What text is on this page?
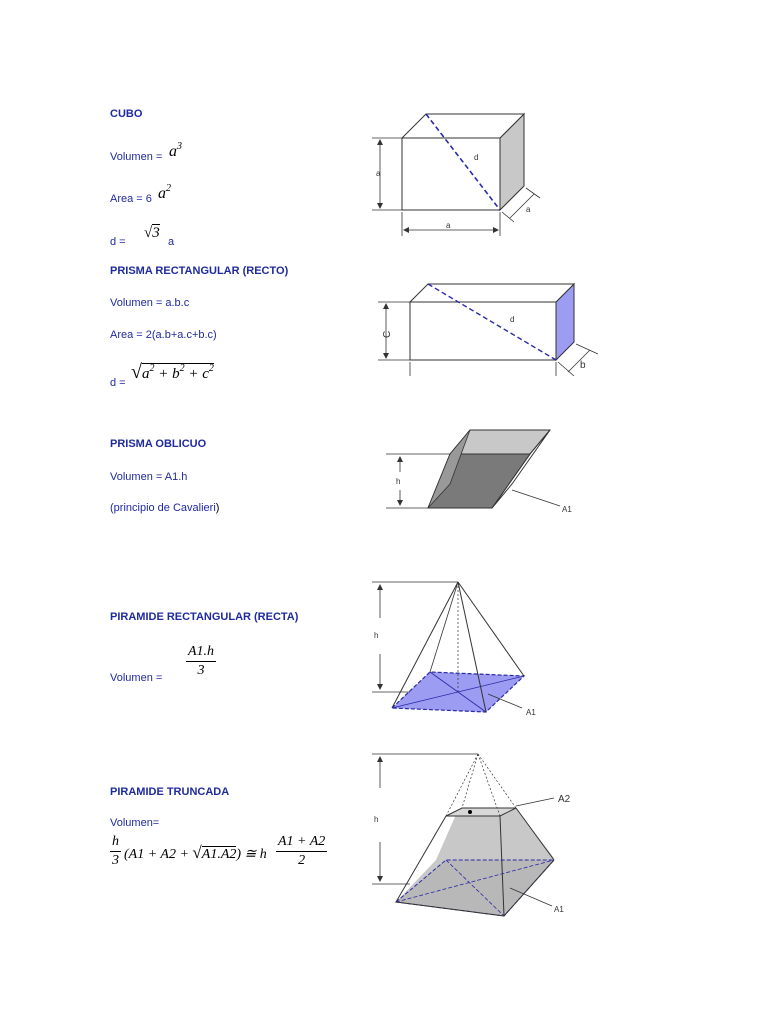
CUBO
Volumen = $a^3$
Area = 6 $a^2$
d =
√3
a
a
a
a
d
PRISMA RECTANGULAR (RECTO)
Volumen = a.b.c
Area = 2(a.b+a.c+b.c)
$d = √a^2 + b^2 + c^2$
C
b
d
PRISMA OBLICUO
Volumen = A1.h
(principio de Cavalieri)
h
A1
PIRAMIDE RECTANGULAR (RECTA)
Volumen =
A1.h
3
h
A1
PIRAMIDE TRUNCADA
Volumen=
h
3 (A1 + A2 + √A1.A2) ≅ h
A1 + A2
2
h
A2
A1
